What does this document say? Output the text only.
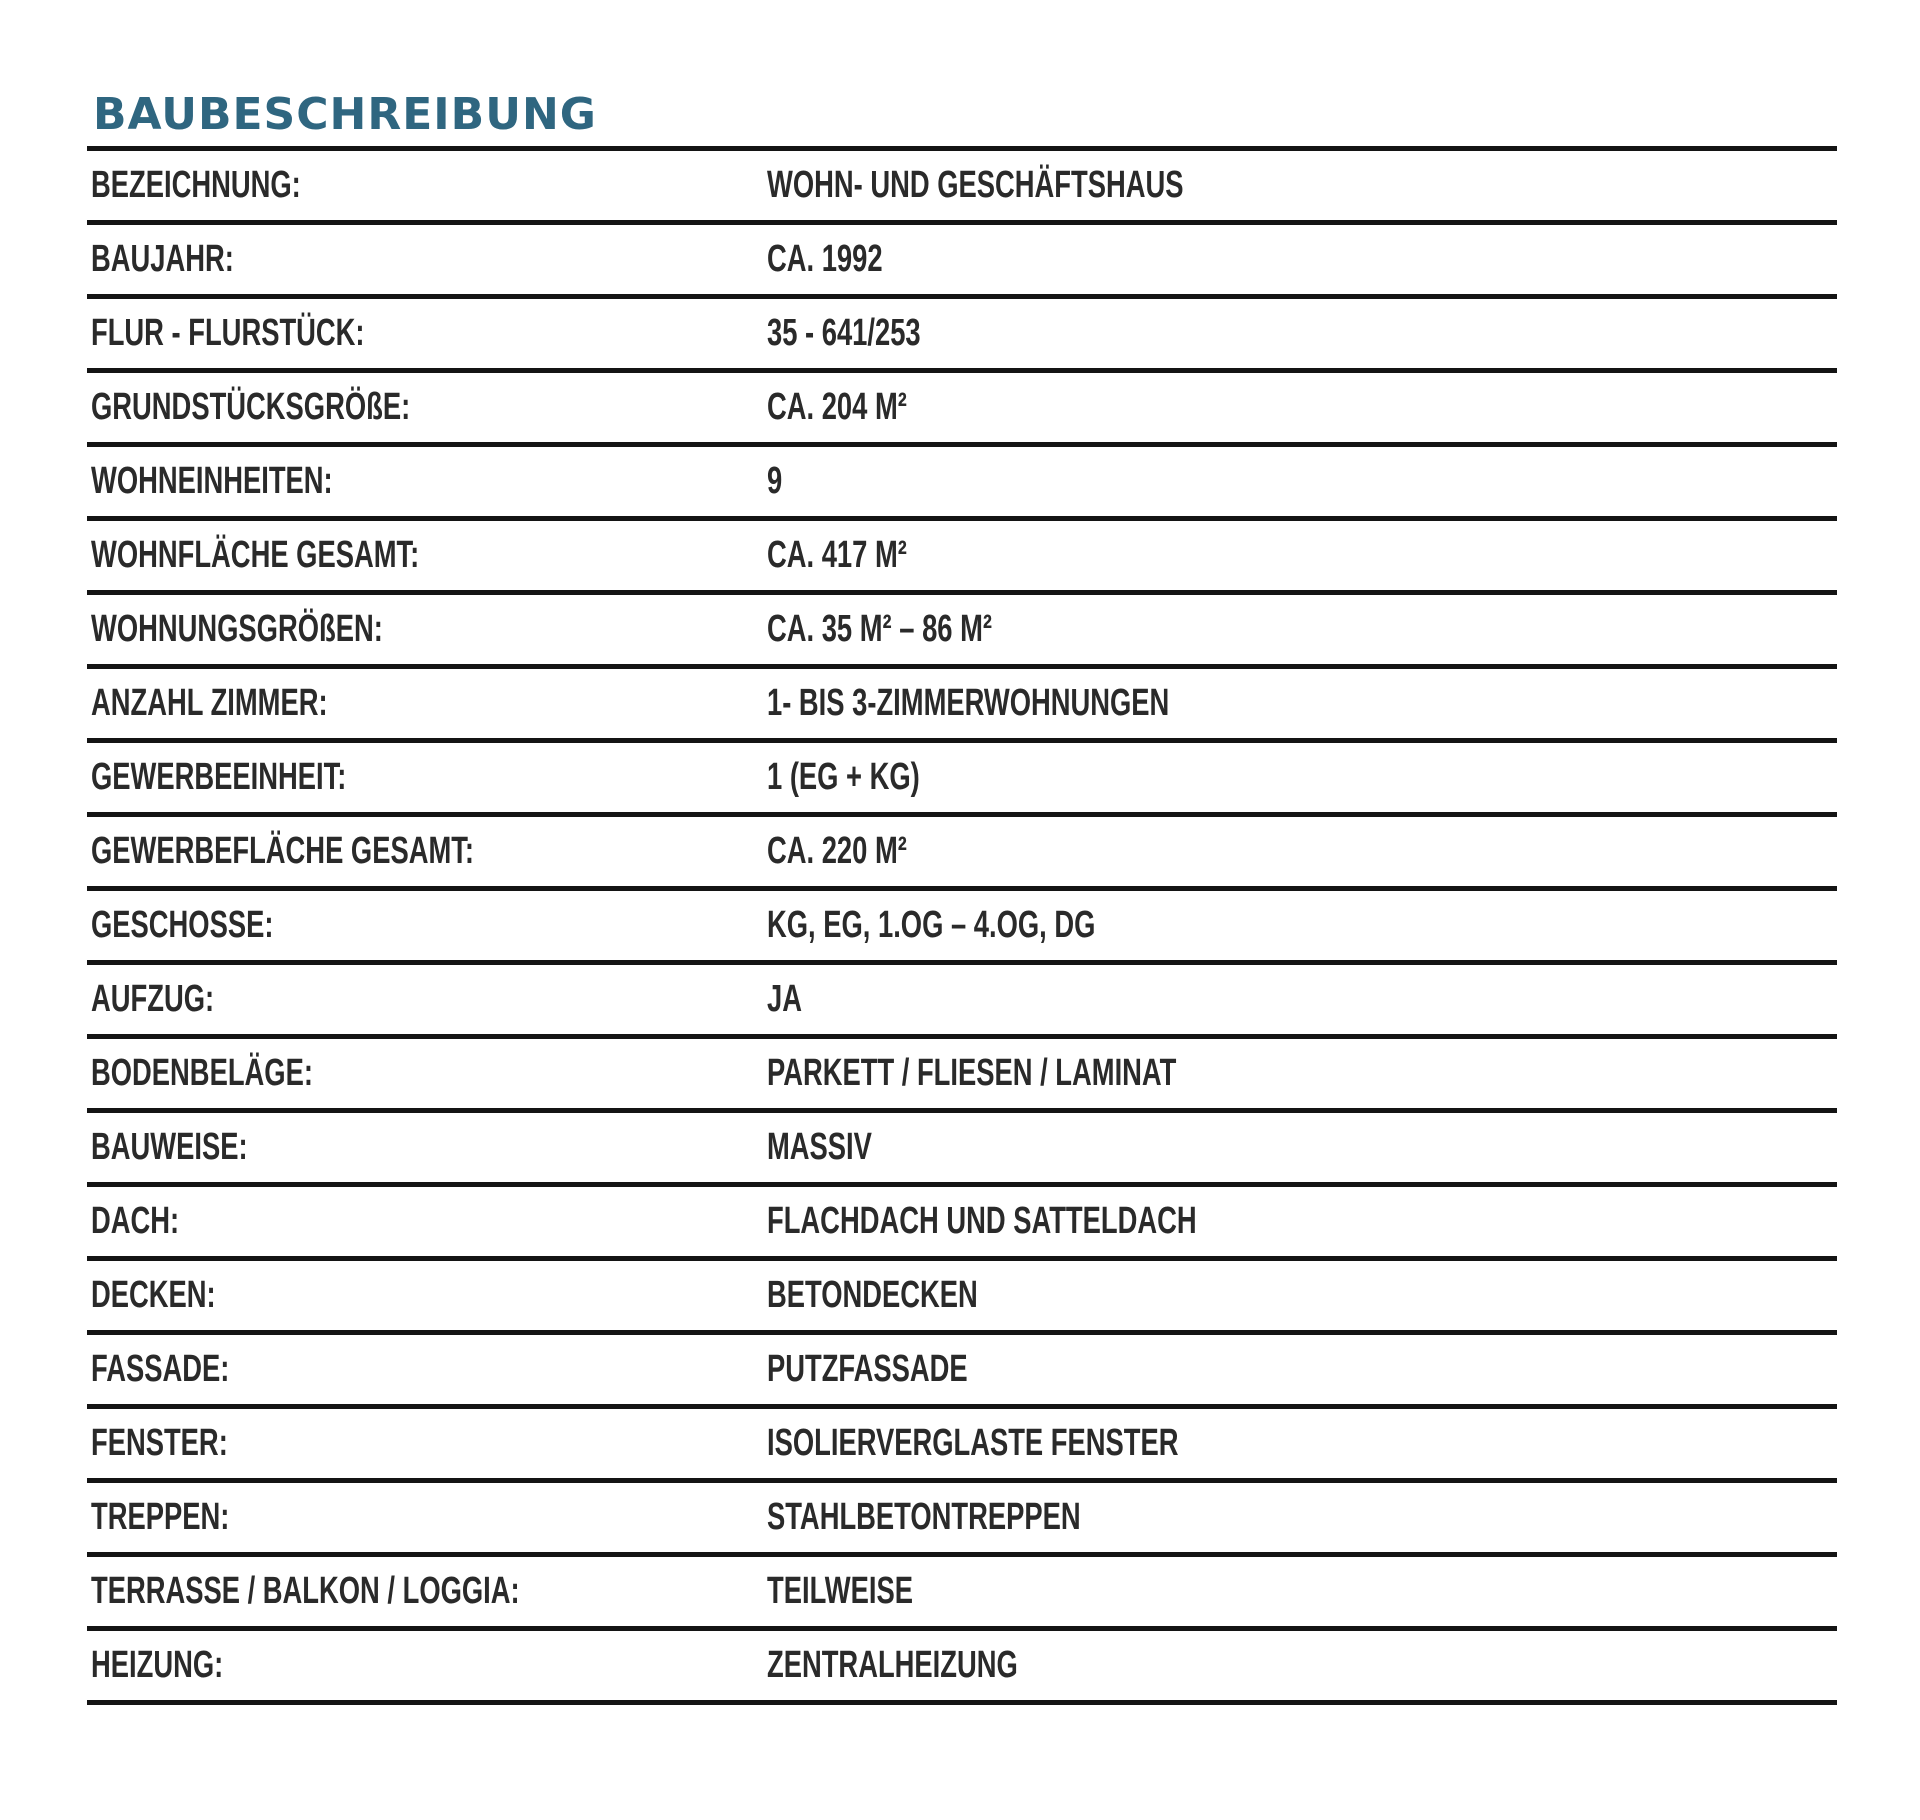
BAUBESCHREIBUNG
BEZEICHNUNG:	WOHN- UND GESCHÄFTSHAUS
BAUJAHR:	CA. 1992
FLUR - FLURSTÜCK:	35 - 641/253
GRUNDSTÜCKSGRÖßE:	CA. 204 M²
WOHNEINHEITEN:	9
WOHNFLÄCHE GESAMT:	CA. 417 M²
WOHNUNGSGRÖßEN:	CA. 35 M² – 86 M²
ANZAHL ZIMMER:	1- BIS 3-ZIMMERWOHNUNGEN
GEWERBEEINHEIT:	1 (EG + KG)
GEWERBEFLÄCHE GESAMT:	CA. 220 M²
GESCHOSSE:	KG, EG, 1.OG – 4.OG, DG
AUFZUG:	JA
BODENBELÄGE:	PARKETT / FLIESEN / LAMINAT
BAUWEISE:	MASSIV
DACH:	FLACHDACH UND SATTELDACH
DECKEN:	BETONDECKEN
FASSADE:	PUTZFASSADE
FENSTER:	ISOLIERVERGLASTE FENSTER
TREPPEN:	STAHLBETONTREPPEN
TERRASSE / BALKON / LOGGIA:	TEILWEISE
HEIZUNG:	ZENTRALHEIZUNG
